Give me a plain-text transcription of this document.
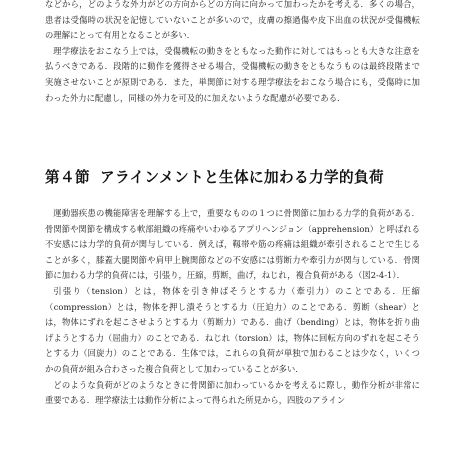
などから，どのような外力がどの方向からどの方向に向かって加わったかを考える．多くの場合，患者は受傷時の状況を記憶していないことが多いので，皮膚の擦過傷や皮下出血の状況が受傷機転の理解にとって有用となることが多い．

理学療法をおこなう上では，受傷機転の動きをともなった動作に対してはもっとも大きな注意を払うべきである．段階的に動作を獲得させる場合，受傷機転の動きをともなうものは最終段階まで実施させないことが原則である．また，単関節に対する理学療法をおこなう場合にも，受傷時に加わった外力に配慮し，同様の外力を可及的に加えないような配慮が必要である．

第４節 アラインメントと生体に加わる力学的負荷

運動器疾患の機能障害を理解する上で，重要なものの１つに骨関節に加わる力学的負荷がある．骨関節や関節を構成する軟部組織の疼痛やいわゆるアプリヘンジョン（apprehension）と呼ばれる不安感には力学的負荷が関与している．例えば，靱帯や筋の疼痛は組織が牽引されることで生じることが多く，膝蓋大腿関節や肩甲上腕関節などの不安感には剪断力や牽引力が関与している．骨関節に加わる力学的負荷には，引張り，圧縮，剪断，曲げ，ねじれ，複合負荷がある（図2‐4‐1）．

引張り（tension）とは，物体を引き伸ばそうとする力（牽引力）のことである．圧縮（compression）とは，物体を押し潰そうとする力（圧迫力）のことである．剪断（shear）とは，物体にずれを起こさせようとする力（剪断力）である．曲げ（bending）とは，物体を折り曲げようとする力（屈曲力）のことである．ねじれ（torsion）は，物体に回転方向のずれを起こそうとする力（回旋力）のことである．生体では，これらの負荷が単独で加わることは少なく，いくつかの負荷が組み合わさった複合負荷として加わっていることが多い．

どのような負荷がどのようなときに骨関節に加わっているかを考えるに際し，動作分析が非常に重要である．理学療法士は動作分析によって得られた所見から，四肢のアライン
